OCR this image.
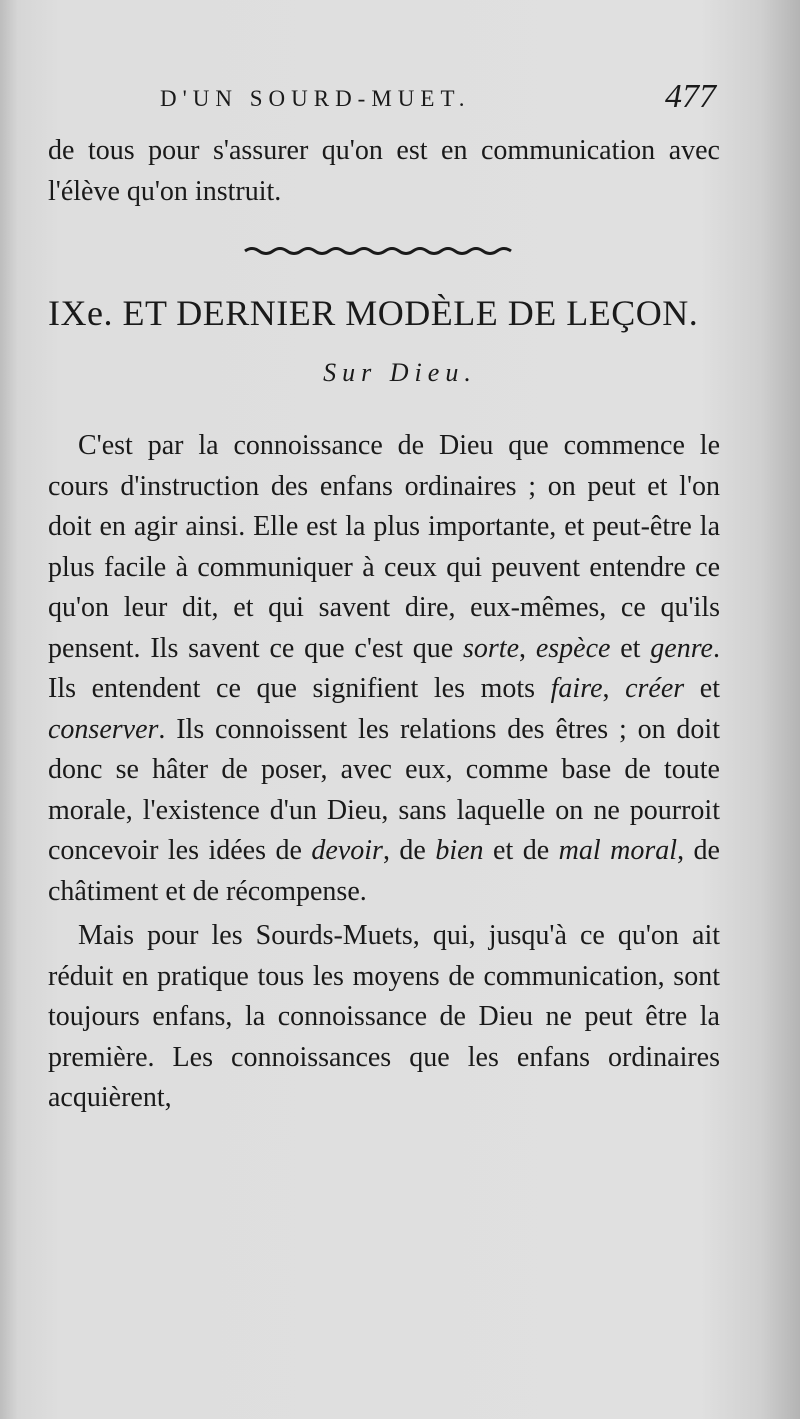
D'UN SOURD-MUET.	477

de tous pour s'assurer qu'on est en communication avec l'élève qu'on instruit.

IXe. ET DERNIER MODÈLE DE LEÇON.
Sur Dieu.

C'est par la connoissance de Dieu que commence le cours d'instruction des enfans ordinaires ; on peut et l'on doit en agir ainsi. Elle est la plus importante, et peut-être la plus facile à communiquer à ceux qui peuvent entendre ce qu'on leur dit, et qui savent dire, eux-mêmes, ce qu'ils pensent. Ils savent ce que c'est que sorte, espèce et genre. Ils entendent ce que signifient les mots faire, créer et conserver. Ils connoissent les relations des êtres ; on doit donc se hâter de poser, avec eux, comme base de toute morale, l'existence d'un Dieu, sans laquelle on ne pourroit concevoir les idées de devoir, de bien et de mal moral, de châtiment et de récompense.

Mais pour les Sourds-Muets, qui, jusqu'à ce qu'on ait réduit en pratique tous les moyens de communication, sont toujours enfans, la connoissance de Dieu ne peut être la première. Les connoissances que les enfans ordinaires acquièrent,
